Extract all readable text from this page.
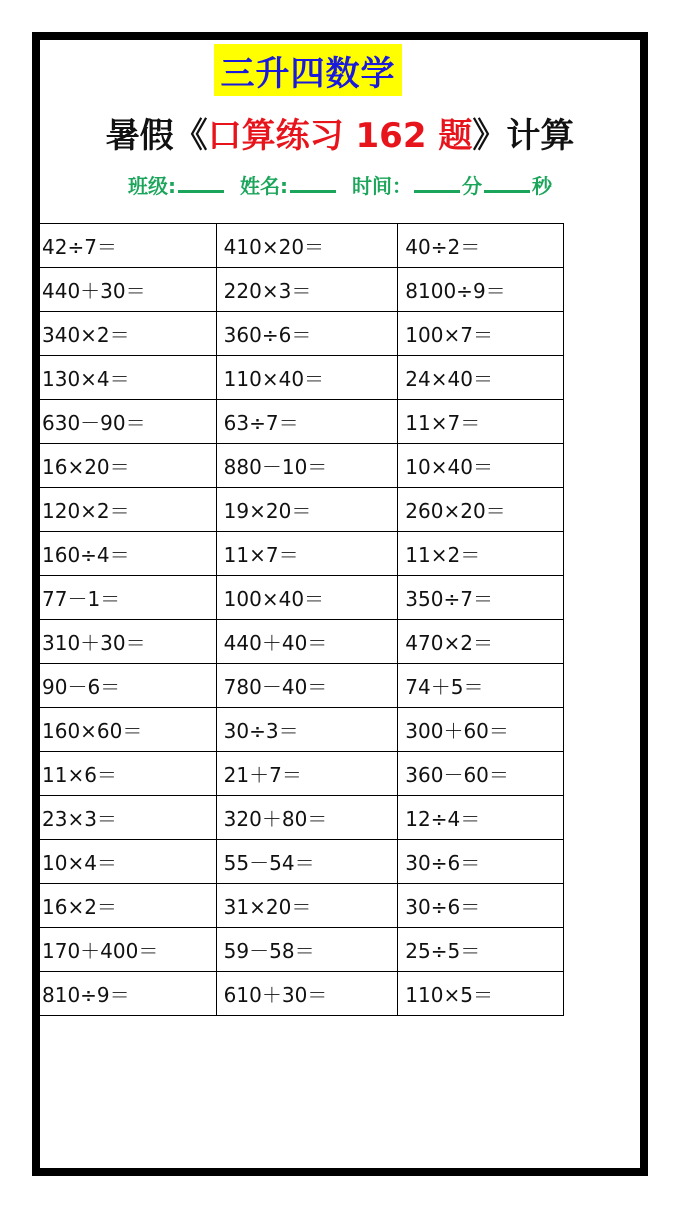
三升四数学
暑假《口算练习 162 题》计算
班级:	姓名:	时间：	分	秒
42÷7＝	410×20＝	40÷2＝
440＋30＝	220×3＝	8100÷9＝
340×2＝	360÷6＝	100×7＝
130×4＝	110×40＝	24×40＝
630－90＝	63÷7＝	11×7＝
16×20＝	880－10＝	10×40＝
120×2＝	19×20＝	260×20＝
160÷4＝	11×7＝	11×2＝
77－1＝	100×40＝	350÷7＝
310＋30＝	440＋40＝	470×2＝
90－6＝	780－40＝	74＋5＝
160×60＝	30÷3＝	300＋60＝
11×6＝	21＋7＝	360－60＝
23×3＝	320＋80＝	12÷4＝
10×4＝	55－54＝	30÷6＝
16×2＝	31×20＝	30÷6＝
170＋400＝	59－58＝	25÷5＝
810÷9＝	610＋30＝	110×5＝
